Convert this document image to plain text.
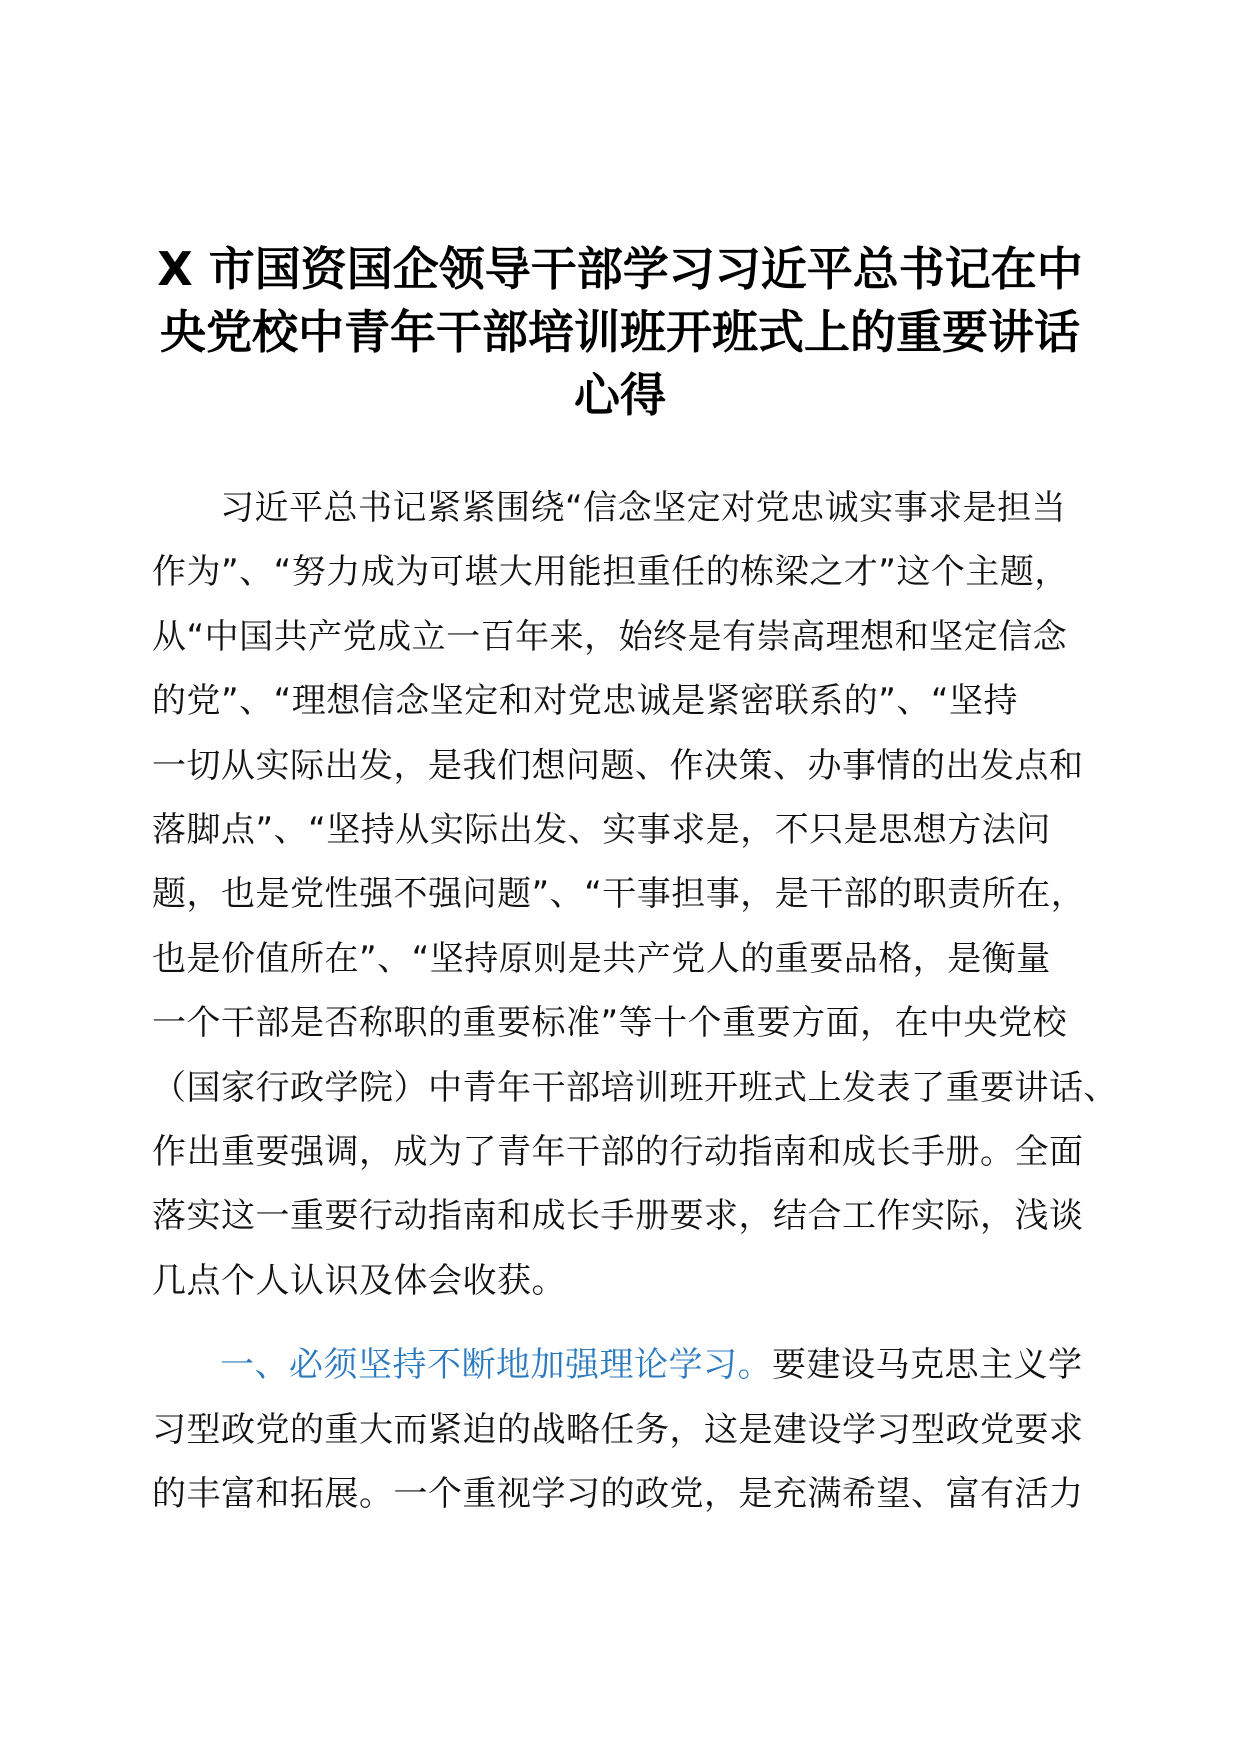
X 市国资国企领导干部学习习近平总书记在中
央党校中青年干部培训班开班式上的重要讲话
心得
习近平总书记紧紧围绕“信念坚定对党忠诚实事求是担当
作为”、“努力成为可堪大用能担重任的栋梁之才”这个主题，
从“中国共产党成立一百年来，始终是有崇高理想和坚定信念
的党”、“理想信念坚定和对党忠诚是紧密联系的”、“坚持
一切从实际出发，是我们想问题、作决策、办事情的出发点和
落脚点”、“坚持从实际出发、实事求是，不只是思想方法问
题，也是党性强不强问题”、“干事担事，是干部的职责所在，
也是价值所在”、“坚持原则是共产党人的重要品格，是衡量
一个干部是否称职的重要标准”等十个重要方面，在中央党校
（国家行政学院）中青年干部培训班开班式上发表了重要讲话、
作出重要强调，成为了青年干部的行动指南和成长手册。全面
落实这一重要行动指南和成长手册要求，结合工作实际，浅谈
几点个人认识及体会收获。
一、必须坚持不断地加强理论学习。要建设马克思主义学
习型政党的重大而紧迫的战略任务，这是建设学习型政党要求
的丰富和拓展。一个重视学习的政党，是充满希望、富有活力
